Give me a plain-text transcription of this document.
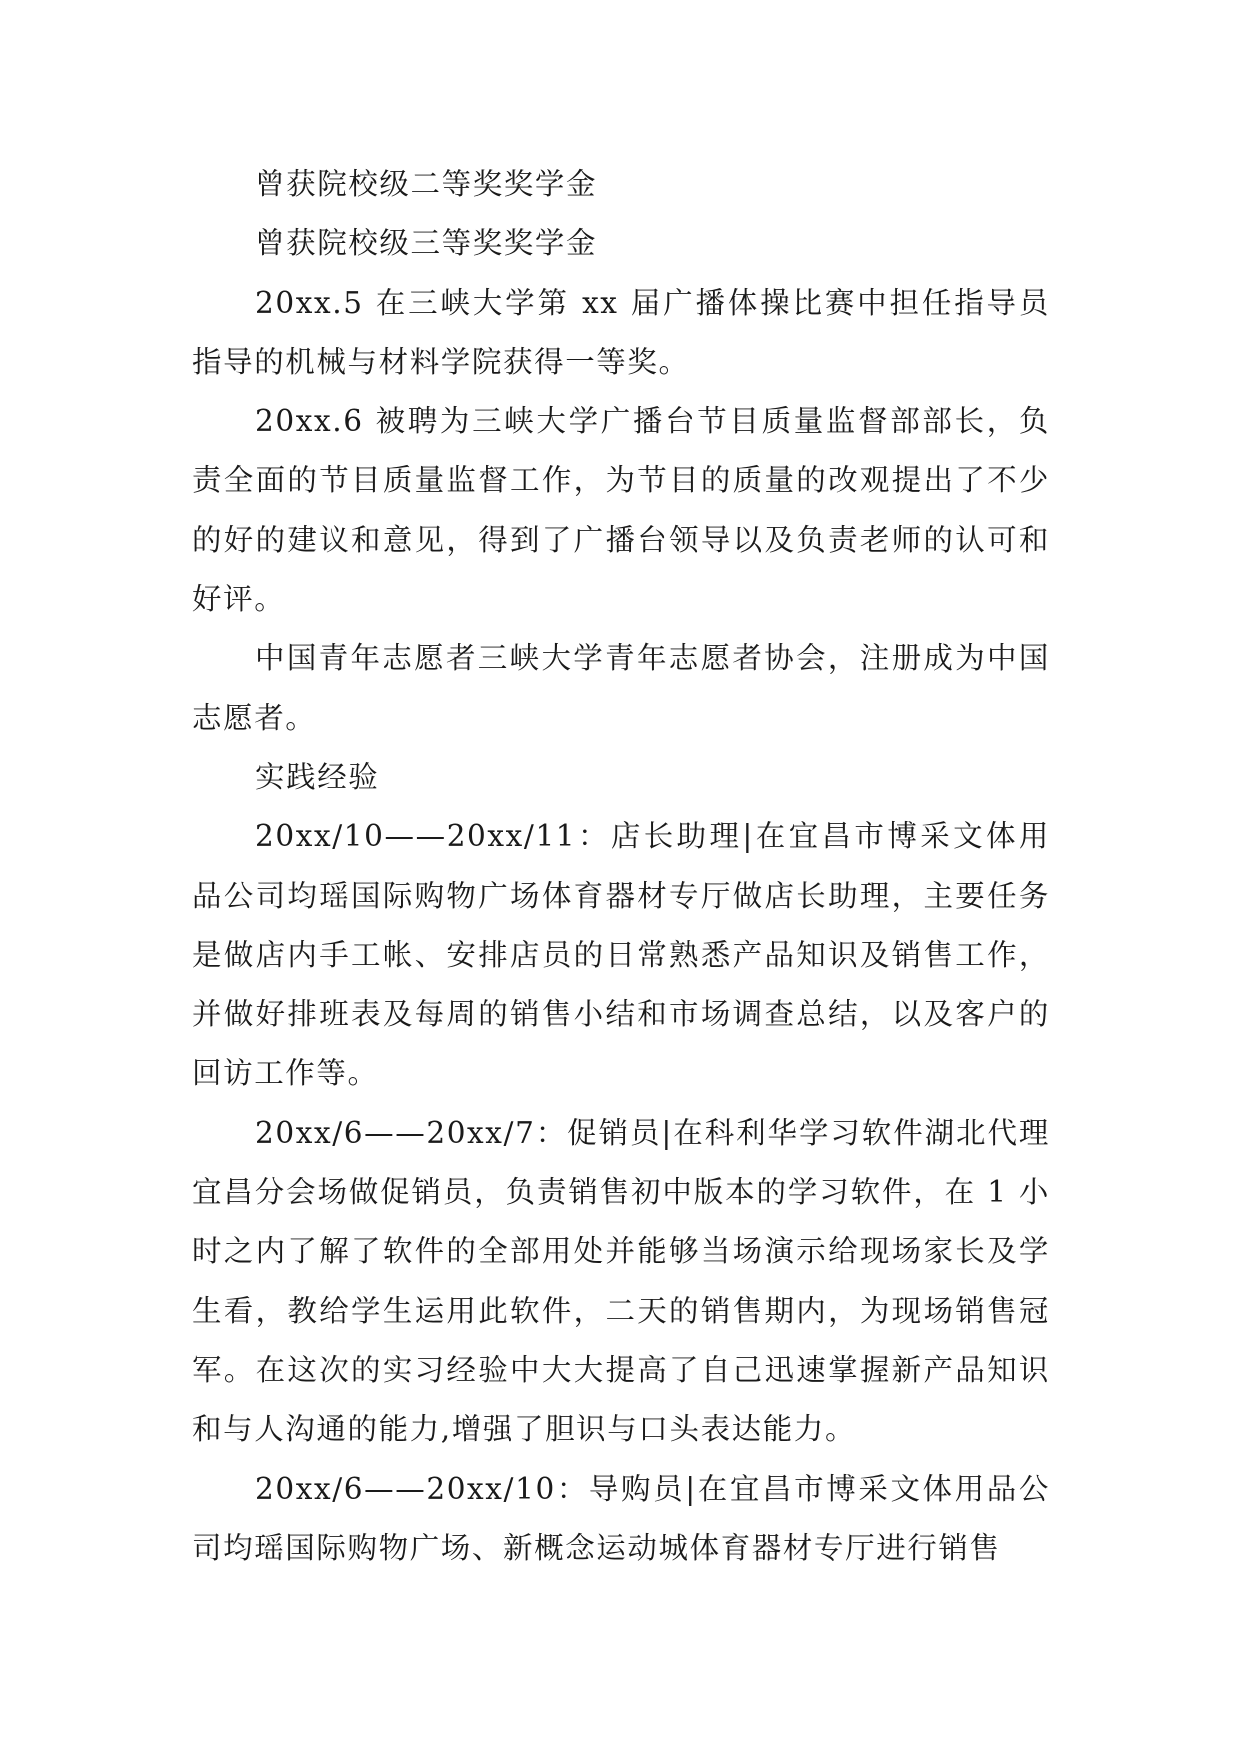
曾获院校级二等奖奖学金

曾获院校级三等奖奖学金

20xx.5 在三峡大学第 xx 届广播体操比赛中担任指导员指导的机械与材料学院获得一等奖。

20xx.6 被聘为三峡大学广播台节目质量监督部部长，负责全面的节目质量监督工作，为节目的质量的改观提出了不少的好的建议和意见，得到了广播台领导以及负责老师的认可和好评。

中国青年志愿者三峡大学青年志愿者协会，注册成为中国志愿者。

实践经验

20xx/10——20xx/11：店长助理|在宜昌市博采文体用品公司均瑶国际购物广场体育器材专厅做店长助理，主要任务是做店内手工帐、安排店员的日常熟悉产品知识及销售工作，并做好排班表及每周的销售小结和市场调查总结，以及客户的回访工作等。

20xx/6——20xx/7：促销员|在科利华学习软件湖北代理宜昌分会场做促销员，负责销售初中版本的学习软件，在 1 小时之内了解了软件的全部用处并能够当场演示给现场家长及学生看，教给学生运用此软件，二天的销售期内，为现场销售冠军。在这次的实习经验中大大提高了自己迅速掌握新产品知识和与人沟通的能力,增强了胆识与口头表达能力。

20xx/6——20xx/10：导购员|在宜昌市博采文体用品公司均瑶国际购物广场、新概念运动城体育器材专厅进行销售
